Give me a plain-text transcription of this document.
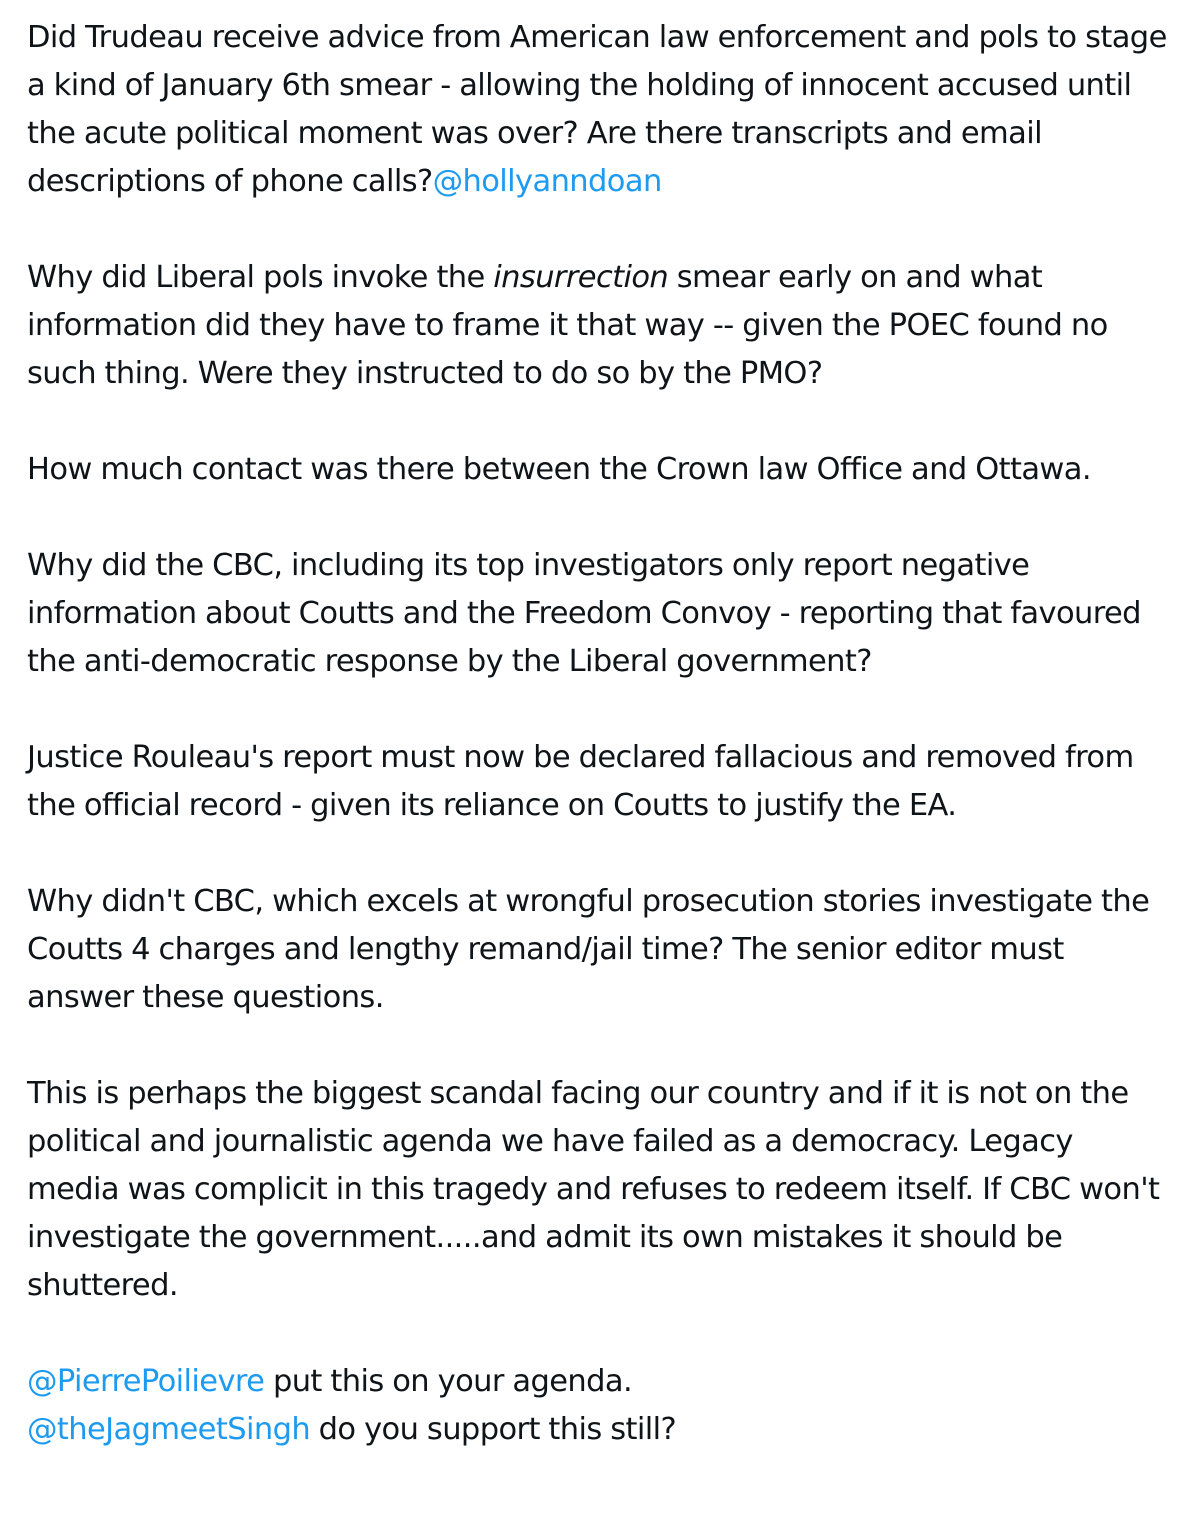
Did Trudeau receive advice from American law enforcement and pols to stage a kind of January 6th smear - allowing the holding of innocent accused until the acute political moment was over? Are there transcripts and email descriptions of phone calls?@hollyanndoan

Why did Liberal pols invoke the insurrection smear early on and what information did they have to frame it that way -- given the POEC found no such thing. Were they instructed to do so by the PMO?

How much contact was there between the Crown law Office and Ottawa.

Why did the CBC, including its top investigators only report negative information about Coutts and the Freedom Convoy - reporting that favoured the anti-democratic response by the Liberal government?

Justice Rouleau's report must now be declared fallacious and removed from the official record - given its reliance on Coutts to justify the EA.

Why didn't CBC, which excels at wrongful prosecution stories investigate the Coutts 4 charges and lengthy remand/jail time? The senior editor must answer these questions.

This is perhaps the biggest scandal facing our country and if it is not on the political and journalistic agenda we have failed as a democracy. Legacy media was complicit in this tragedy and refuses to redeem itself. If CBC won't investigate the government.....and admit its own mistakes it should be shuttered.

@PierrePoilievre put this on your agenda.
@theJagmeetSingh do you support this still?
